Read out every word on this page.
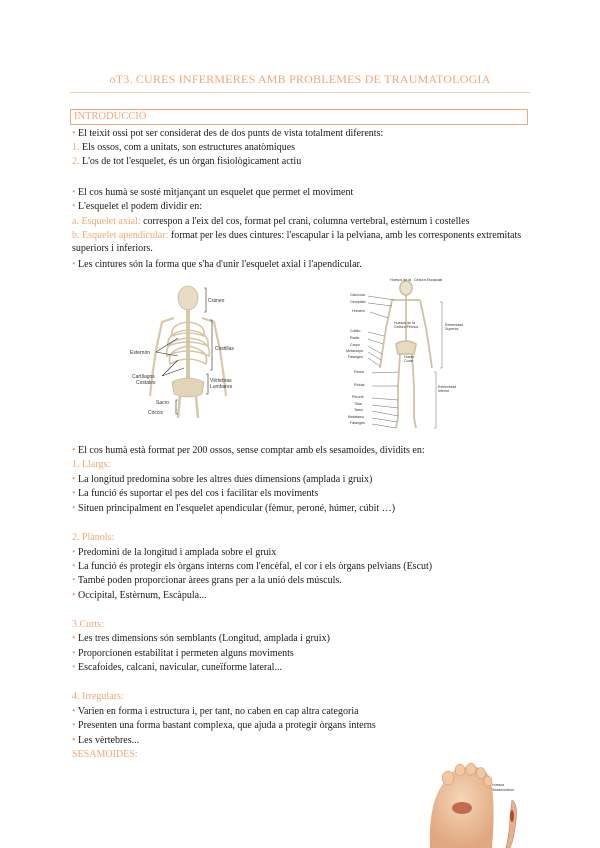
oT3. CURES INFERMERES AMB PROBLEMES DE TRAUMATOLOGIA
INTRODUCCIÓ
• El teixit ossi pot ser considerat des de dos punts de vista totalment diferents:
1. Els ossos, com a unitats, son estructures anatòmiques
2. L'os de tot l'esquelet, és un òrgan fisiològicament actiu
• El cos humà se sosté mitjançant un esquelet que permet el moviment
• L'esquelet el podem dividir en:
a. Esquelet axial: correspon a l'eix del cos, format pel crani, columna vertebral, estèrnum i costelles
b. Esquelet apendicular: format per les dues cintures: l'escapular i la pelviana, amb les corresponents extremitats superiors i inferiors.
• Les cintures són la forma que s'ha d'unir l'esquelet axial i l'apendicular.
Cráneo
Esternón
Costillas
Cartílagos
Costales	Vértebras
Lumbares
Sacro
Cóccix
Huesos de la Cintura Escapular
Clavícula
Omóplato
Húmero
Huesos de la
Cintura Pélvica
Cúbito
Radio
Carpo
Metacarpo
Falanges	Hueso
Coxal
Fémur
Rótula
Peroné
Tibia
Tarso
Metatarso
Falanges
Extremidad
Superior
Extremidad
Inferior
• El cos humà està format per 200 ossos, sense comptar amb els sesamoides, dividits en:
1. Llargs:
• La longitud predomina sobre les altres dues dimensions (amplada i gruix)
• La funció és suportar el pes del cos i facilitar els moviments
• Situen principalment en l'esquelet apendicular (fèmur, peroné, húmer, cúbit …)
2. Plànols:
• Predomini de la longitud i amplada sobre el gruix
• La funció és protegir els òrgans interns com l'encèfal, el cor i els òrgans pelvians (Escut)
• També poden proporcionar àrees grans per a la unió dels músculs.
• Occipital, Estèrnum, Escàpula...
3.Curts:
• Les tres dimensions són semblants (Longitud, amplada i gruix)
• Proporcionen estabilitat i permeten alguns moviments
• Escafoides, calcani, navicular, cuneïforme lateral...
4. Irregulars:
• Varien en forma i estructura i, per tant, no caben en cap altra categoria
• Presenten una forma bastant complexa, que ajuda a protegir òrgans interns
• Les vèrtebres...
SESAMOIDES:
Huesos
Sesamoideos
